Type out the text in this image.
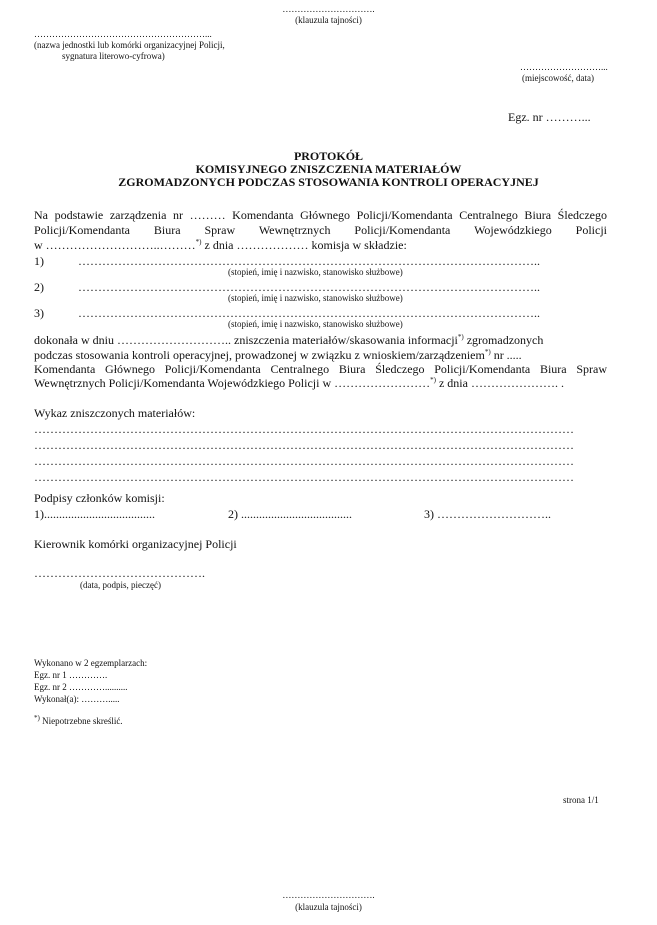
………………………….
(klauzula tajności)
…………………………………………………...
(nazwa jednostki lub komórki organizacyjnej Policji,
sygnatura literowo-cyfrowa)
………………………...
(miejscowość, data)
Egz. nr ………...
PROTOKÓŁ
KOMISYJNEGO ZNISZCZENIA MATERIAŁÓW
ZGROMADZONYCH PODCZAS STOSOWANIA KONTROLI OPERACYJNEJ
Na podstawie zarządzenia nr ……… Komendanta Głównego Policji/Komendanta Centralnego Biura Śledczego
Policji/Komendanta Biura Spraw Wewnętrznych Policji/Komendanta Wojewódzkiego Policji
w ………………………..………*) z dnia ……………… komisja w składzie:
1)	……………………………………………………………………………………………………..
(stopień, imię i nazwisko, stanowisko służbowe)
2)	……………………………………………………………………………………………………..
(stopień, imię i nazwisko, stanowisko służbowe)
3)	……………………………………………………………………………………………………..
(stopień, imię i nazwisko, stanowisko służbowe)
dokonała w dniu ……………………….. zniszczenia materiałów/skasowania informacji*) zgromadzonych
podczas stosowania kontroli operacyjnej, prowadzonej w związku z wnioskiem/zarządzeniem*) nr .....
Komendanta Głównego Policji/Komendanta Centralnego Biura Śledczego Policji/Komendanta Biura Spraw
Wewnętrznych Policji/Komendanta Wojewódzkiego Policji w ……………………*) z dnia …………………. .
Wykaz zniszczonych materiałów:
………………………………………………………………………………………………………………………
………………………………………………………………………………………………………………………
………………………………………………………………………………………………………………………
………………………………………………………………………………………………………………………
Podpisy członków komisji:
1).....................................	2) .....................................	3) ………………………..
Kierownik komórki organizacyjnej Policji
…………………………………….
(data, podpis, pieczęć)
Wykonano w 2 egzemplarzach:
Egz. nr 1 ………….
Egz. nr 2 …………..........
Wykonał(a): ……….....
*) Niepotrzebne skreślić.
strona 1/1
………………………….
(klauzula tajności)
